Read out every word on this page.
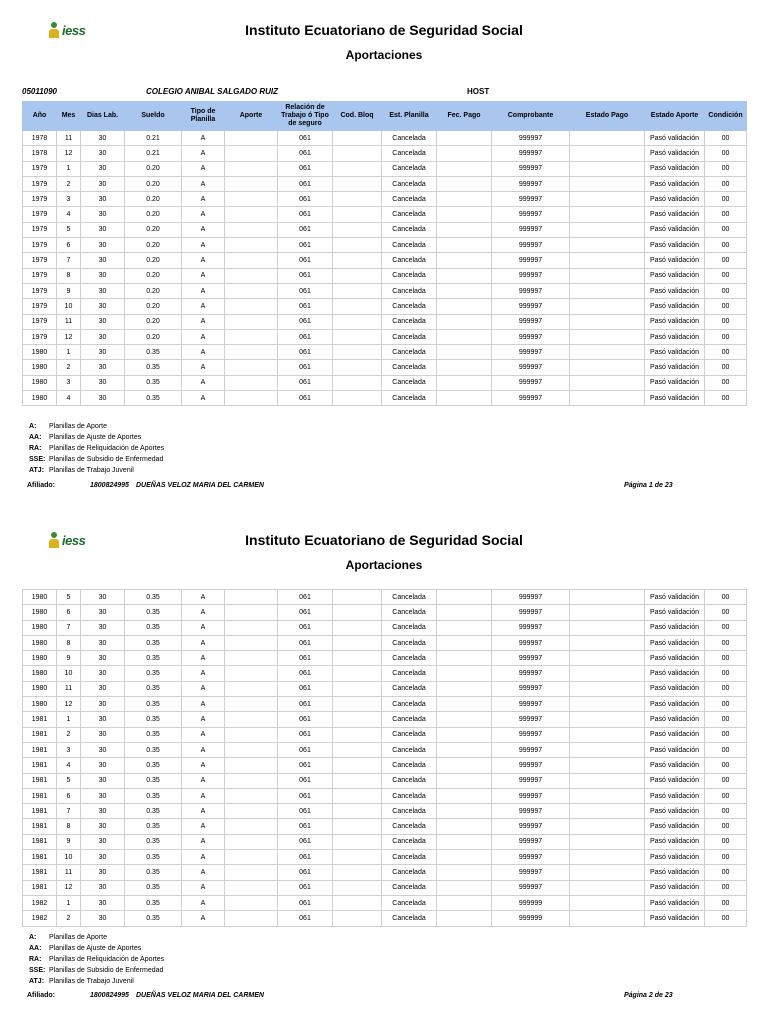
iess	Instituto Ecuatoriano de Seguridad Social
Aportaciones
05011090	COLEGIO ANIBAL SALGADO RUIZ	HOST
Año	Mes	Dias Lab.	Sueldo	Tipo de Planilla	Aporte	Relación de Trabajo ó Tipo de seguro	Cod. Bloq	Est. Planilla	Fec. Pago	Comprobante	Estado Pago	Estado Aporte	Condición
1978	11	30	0.21	A		061		Cancelada		999997		Pasó validación	00
1978	12	30	0.21	A		061		Cancelada		999997		Pasó validación	00
1979	1	30	0.20	A		061		Cancelada		999997		Pasó validación	00
1979	2	30	0.20	A		061		Cancelada		999997		Pasó validación	00
1979	3	30	0.20	A		061		Cancelada		999997		Pasó validación	00
1979	4	30	0.20	A		061		Cancelada		999997		Pasó validación	00
1979	5	30	0.20	A		061		Cancelada		999997		Pasó validación	00
1979	6	30	0.20	A		061		Cancelada		999997		Pasó validación	00
1979	7	30	0.20	A		061		Cancelada		999997		Pasó validación	00
1979	8	30	0.20	A		061		Cancelada		999997		Pasó validación	00
1979	9	30	0.20	A		061		Cancelada		999997		Pasó validación	00
1979	10	30	0.20	A		061		Cancelada		999997		Pasó validación	00
1979	11	30	0.20	A		061		Cancelada		999997		Pasó validación	00
1979	12	30	0.20	A		061		Cancelada		999997		Pasó validación	00
1980	1	30	0.35	A		061		Cancelada		999997		Pasó validación	00
1980	2	30	0.35	A		061		Cancelada		999997		Pasó validación	00
1980	3	30	0.35	A		061		Cancelada		999997		Pasó validación	00
1980	4	30	0.35	A		061		Cancelada		999997		Pasó validación	00
A:	Planillas de Aporte
AA:	Planillas de Ajuste de Aportes
RA:	Planillas de Reliquidación de Aportes
SSE: Planillas de Subsidio de Enfermedad
ATJ: Planillas de Trabajo Juvenil
Afiliado:	1800824995 DUEÑAS VELOZ MARIA DEL CARMEN	Página 1 de 23
iess	Instituto Ecuatoriano de Seguridad Social
Aportaciones
1980	5	30	0.35	A		061		Cancelada		999997		Pasó validación	00
1980	6	30	0.35	A		061		Cancelada		999997		Pasó validación	00
1980	7	30	0.35	A		061		Cancelada		999997		Pasó validación	00
1980	8	30	0.35	A		061		Cancelada		999997		Pasó validación	00
1980	9	30	0.35	A		061		Cancelada		999997		Pasó validación	00
1980	10	30	0.35	A		061		Cancelada		999997		Pasó validación	00
1980	11	30	0.35	A		061		Cancelada		999997		Pasó validación	00
1980	12	30	0.35	A		061		Cancelada		999997		Pasó validación	00
1981	1	30	0.35	A		061		Cancelada		999997		Pasó validación	00
1981	2	30	0.35	A		061		Cancelada		999997		Pasó validación	00
1981	3	30	0.35	A		061		Cancelada		999997		Pasó validación	00
1981	4	30	0.35	A		061		Cancelada		999997		Pasó validación	00
1981	5	30	0.35	A		061		Cancelada		999997		Pasó validación	00
1981	6	30	0.35	A		061		Cancelada		999997		Pasó validación	00
1981	7	30	0.35	A		061		Cancelada		999997		Pasó validación	00
1981	8	30	0.35	A		061		Cancelada		999997		Pasó validación	00
1981	9	30	0.35	A		061		Cancelada		999997		Pasó validación	00
1981	10	30	0.35	A		061		Cancelada		999997		Pasó validación	00
1981	11	30	0.35	A		061		Cancelada		999997		Pasó validación	00
1981	12	30	0.35	A		061		Cancelada		999997		Pasó validación	00
1982	1	30	0.35	A		061		Cancelada		999999		Pasó validación	00
1982	2	30	0.35	A		061		Cancelada		999999		Pasó validación	00
A:	Planillas de Aporte
AA:	Planillas de Ajuste de Aportes
RA:	Planillas de Reliquidación de Aportes
SSE: Planillas de Subsidio de Enfermedad
ATJ: Planillas de Trabajo Juvenil
Afiliado:	1800824995 DUEÑAS VELOZ MARIA DEL CARMEN	Página 2 de 23
